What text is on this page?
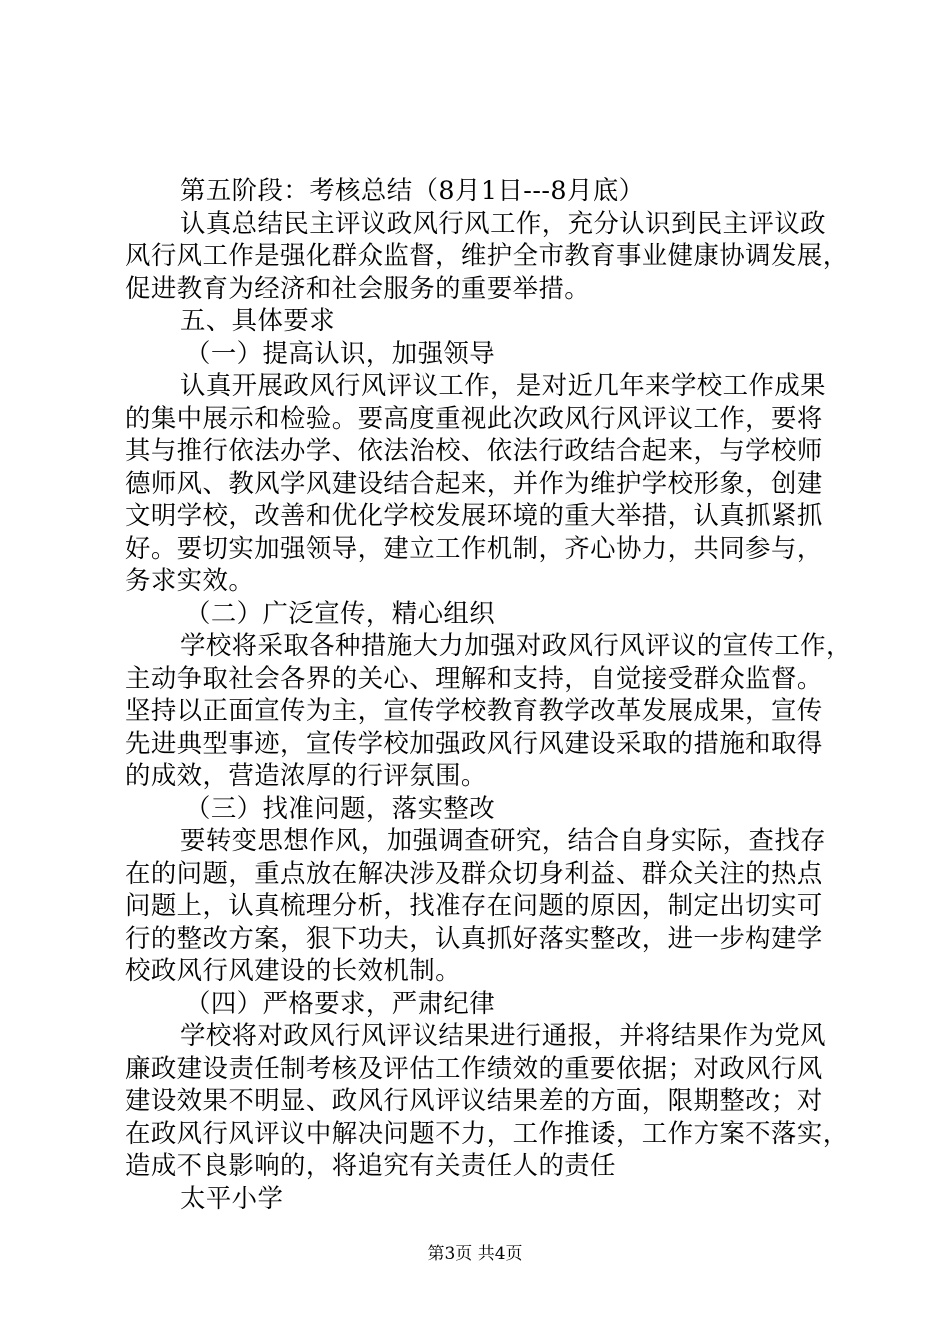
第五阶段：考核总结（8月1日---8月底）
认真总结民主评议政风行风工作，充分认识到民主评议政
风行风工作是强化群众监督，维护全市教育事业健康协调发展，
促进教育为经济和社会服务的重要举措。
五、具体要求
（一）提高认识，加强领导
认真开展政风行风评议工作，是对近几年来学校工作成果
的集中展示和检验。要高度重视此次政风行风评议工作，要将
其与推行依法办学、依法治校、依法行政结合起来，与学校师
德师风、教风学风建设结合起来，并作为维护学校形象，创建
文明学校，改善和优化学校发展环境的重大举措，认真抓紧抓
好。要切实加强领导，建立工作机制，齐心协力，共同参与，
务求实效。
（二）广泛宣传，精心组织
学校将采取各种措施大力加强对政风行风评议的宣传工作，
主动争取社会各界的关心、理解和支持，自觉接受群众监督。
坚持以正面宣传为主，宣传学校教育教学改革发展成果，宣传
先进典型事迹，宣传学校加强政风行风建设采取的措施和取得
的成效，营造浓厚的行评氛围。
（三）找准问题，落实整改
要转变思想作风，加强调查研究，结合自身实际，查找存
在的问题，重点放在解决涉及群众切身利益、群众关注的热点
问题上，认真梳理分析，找准存在问题的原因，制定出切实可
行的整改方案，狠下功夫，认真抓好落实整改，进一步构建学
校政风行风建设的长效机制。
（四）严格要求，严肃纪律
学校将对政风行风评议结果进行通报，并将结果作为党风
廉政建设责任制考核及评估工作绩效的重要依据；对政风行风
建设效果不明显、政风行风评议结果差的方面，限期整改；对
在政风行风评议中解决问题不力，工作推诿，工作方案不落实，
造成不良影响的，将追究有关责任人的责任
太平小学
第3页 共4页
